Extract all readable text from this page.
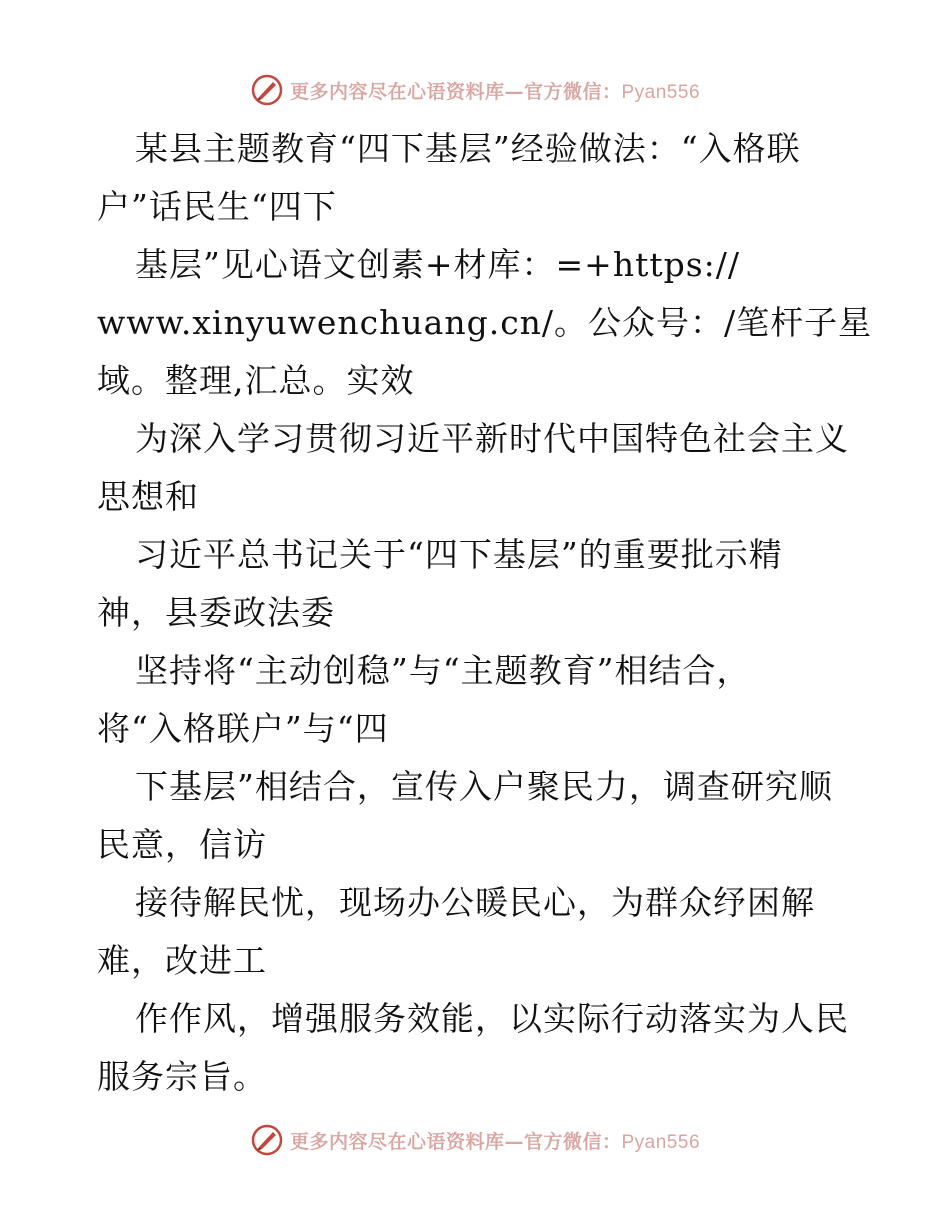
更多内容尽在心语资料库—官方微信：Pyan556
某县主题教育“四下基层”经验做法：“入格联
户”话民生“四下
基层”见心语文创素+材库：=+https://
www.xinyuwenchuang.cn/。公众号：/笔杆子星
域。整理,汇总。实效
为深入学习贯彻习近平新时代中国特色社会主义
思想和
习近平总书记关于“四下基层”的重要批示精
神，县委政法委
坚持将“主动创稳”与“主题教育”相结合，
将“入格联户”与“四
下基层”相结合，宣传入户聚民力，调查研究顺
民意，信访
接待解民忧，现场办公暖民心，为群众纾困解
难，改进工
作作风，增强服务效能，以实际行动落实为人民
服务宗旨。
更多内容尽在心语资料库—官方微信：Pyan556
